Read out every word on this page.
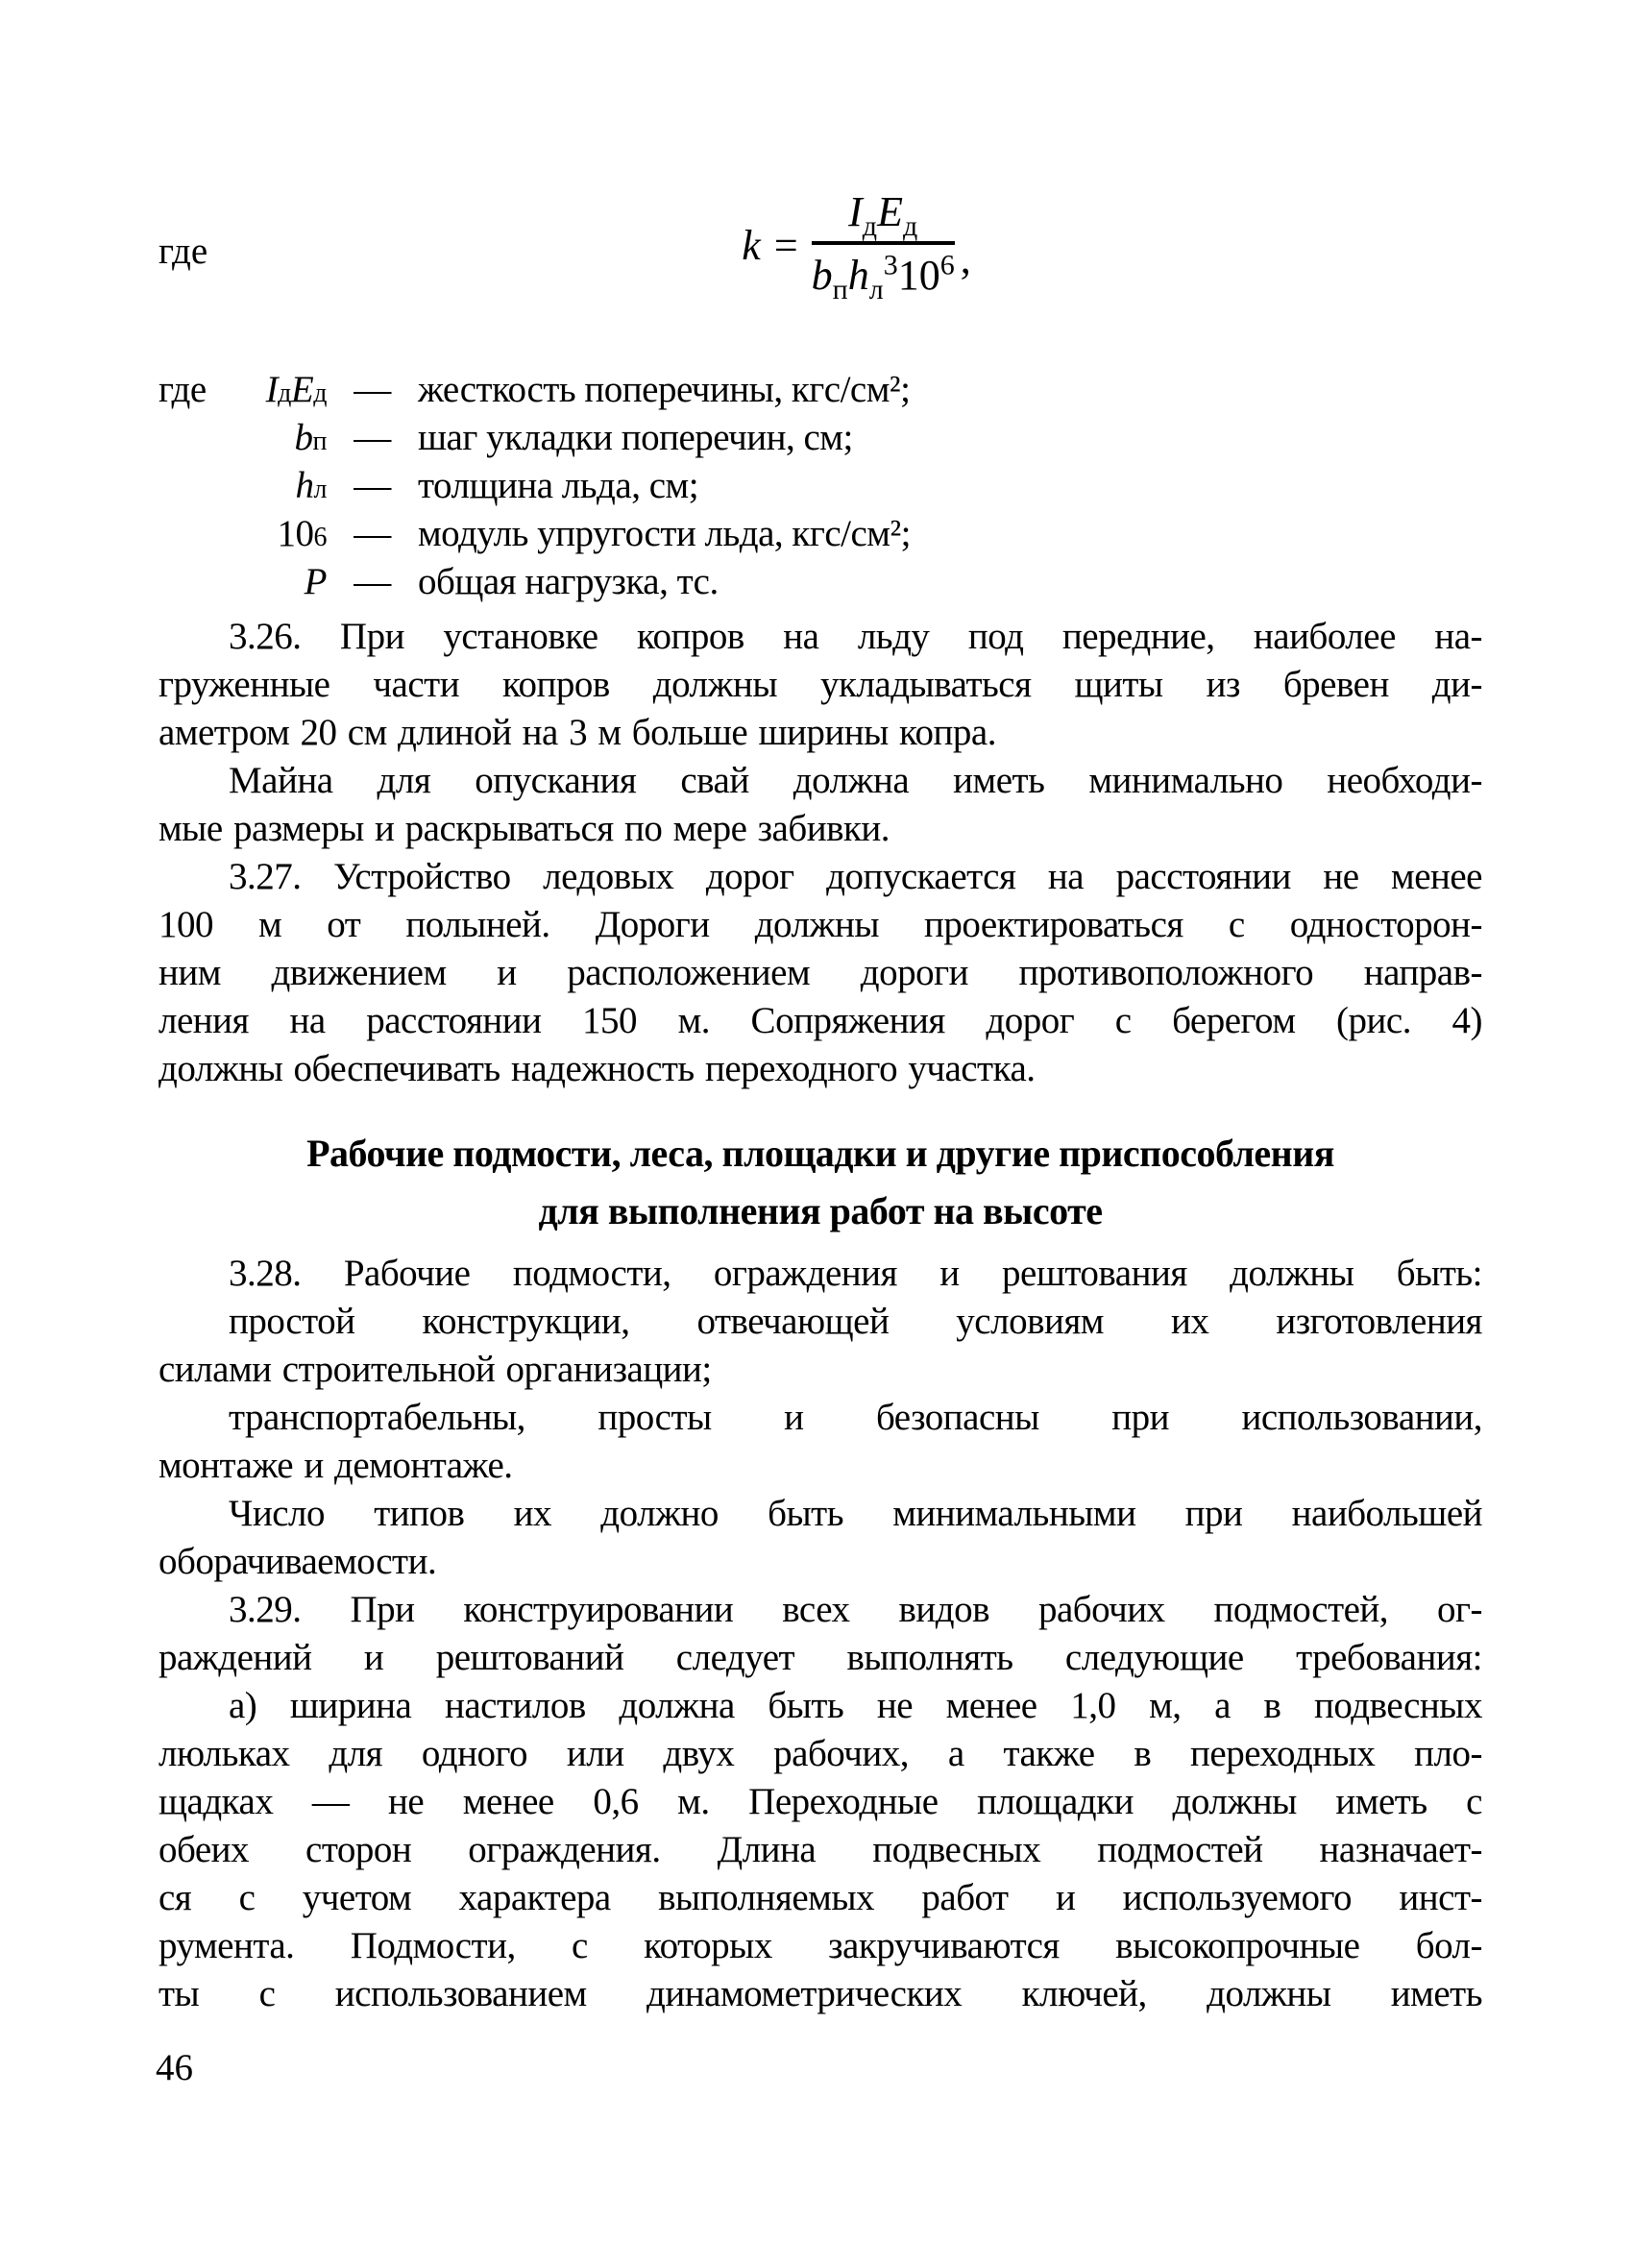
где	$k = \frac{I_дE_д}{b_пh_л^310^6}$ ,
где I д E д — жесткость поперечины, кгс/см²;
b п — шаг укладки поперечин, см;
h л — толщина льда, см;
10 6 — модуль упругости льда, кгс/см²;
P — общая нагрузка, тс.
3.26. При установке копров на льду под передние, наиболее на-
груженные части копров должны укладываться щиты из бревен ди-
аметром 20 см длиной на 3 м больше ширины копра.
Майна для опускания свай должна иметь минимально необходи-
мые размеры и раскрываться по мере забивки.
3.27. Устройство ледовых дорог допускается на расстоянии не менее
100 м от полыней. Дороги должны проектироваться с односторон-
ним движением и расположением дороги противоположного направ-
ления на расстоянии 150 м. Сопряжения дорог с берегом (рис. 4)
должны обеспечивать надежность переходного участка.
Рабочие подмости, леса, площадки и другие приспособления
для выполнения работ на высоте
3.28. Рабочие подмости, ограждения и рештования должны быть:
простой конструкции, отвечающей условиям их изготовления
силами строительной организации;
транспортабельны, просты и безопасны при использовании,
монтаже и демонтаже.
Число типов их должно быть минимальными при наибольшей
оборачиваемости.
3.29. При конструировании всех видов рабочих подмостей, ог-
раждений и рештований следует выполнять следующие требования:
а) ширина настилов должна быть не менее 1,0 м, а в подвесных
люльках для одного или двух рабочих, а также в переходных пло-
щадках — не менее 0,6 м. Переходные площадки должны иметь с
обеих сторон ограждения. Длина подвесных подмостей назначает-
ся с учетом характера выполняемых работ и используемого инст-
румента. Подмости, с которых закручиваются высокопрочные бол-
ты с использованием динамометрических ключей, должны иметь
46
